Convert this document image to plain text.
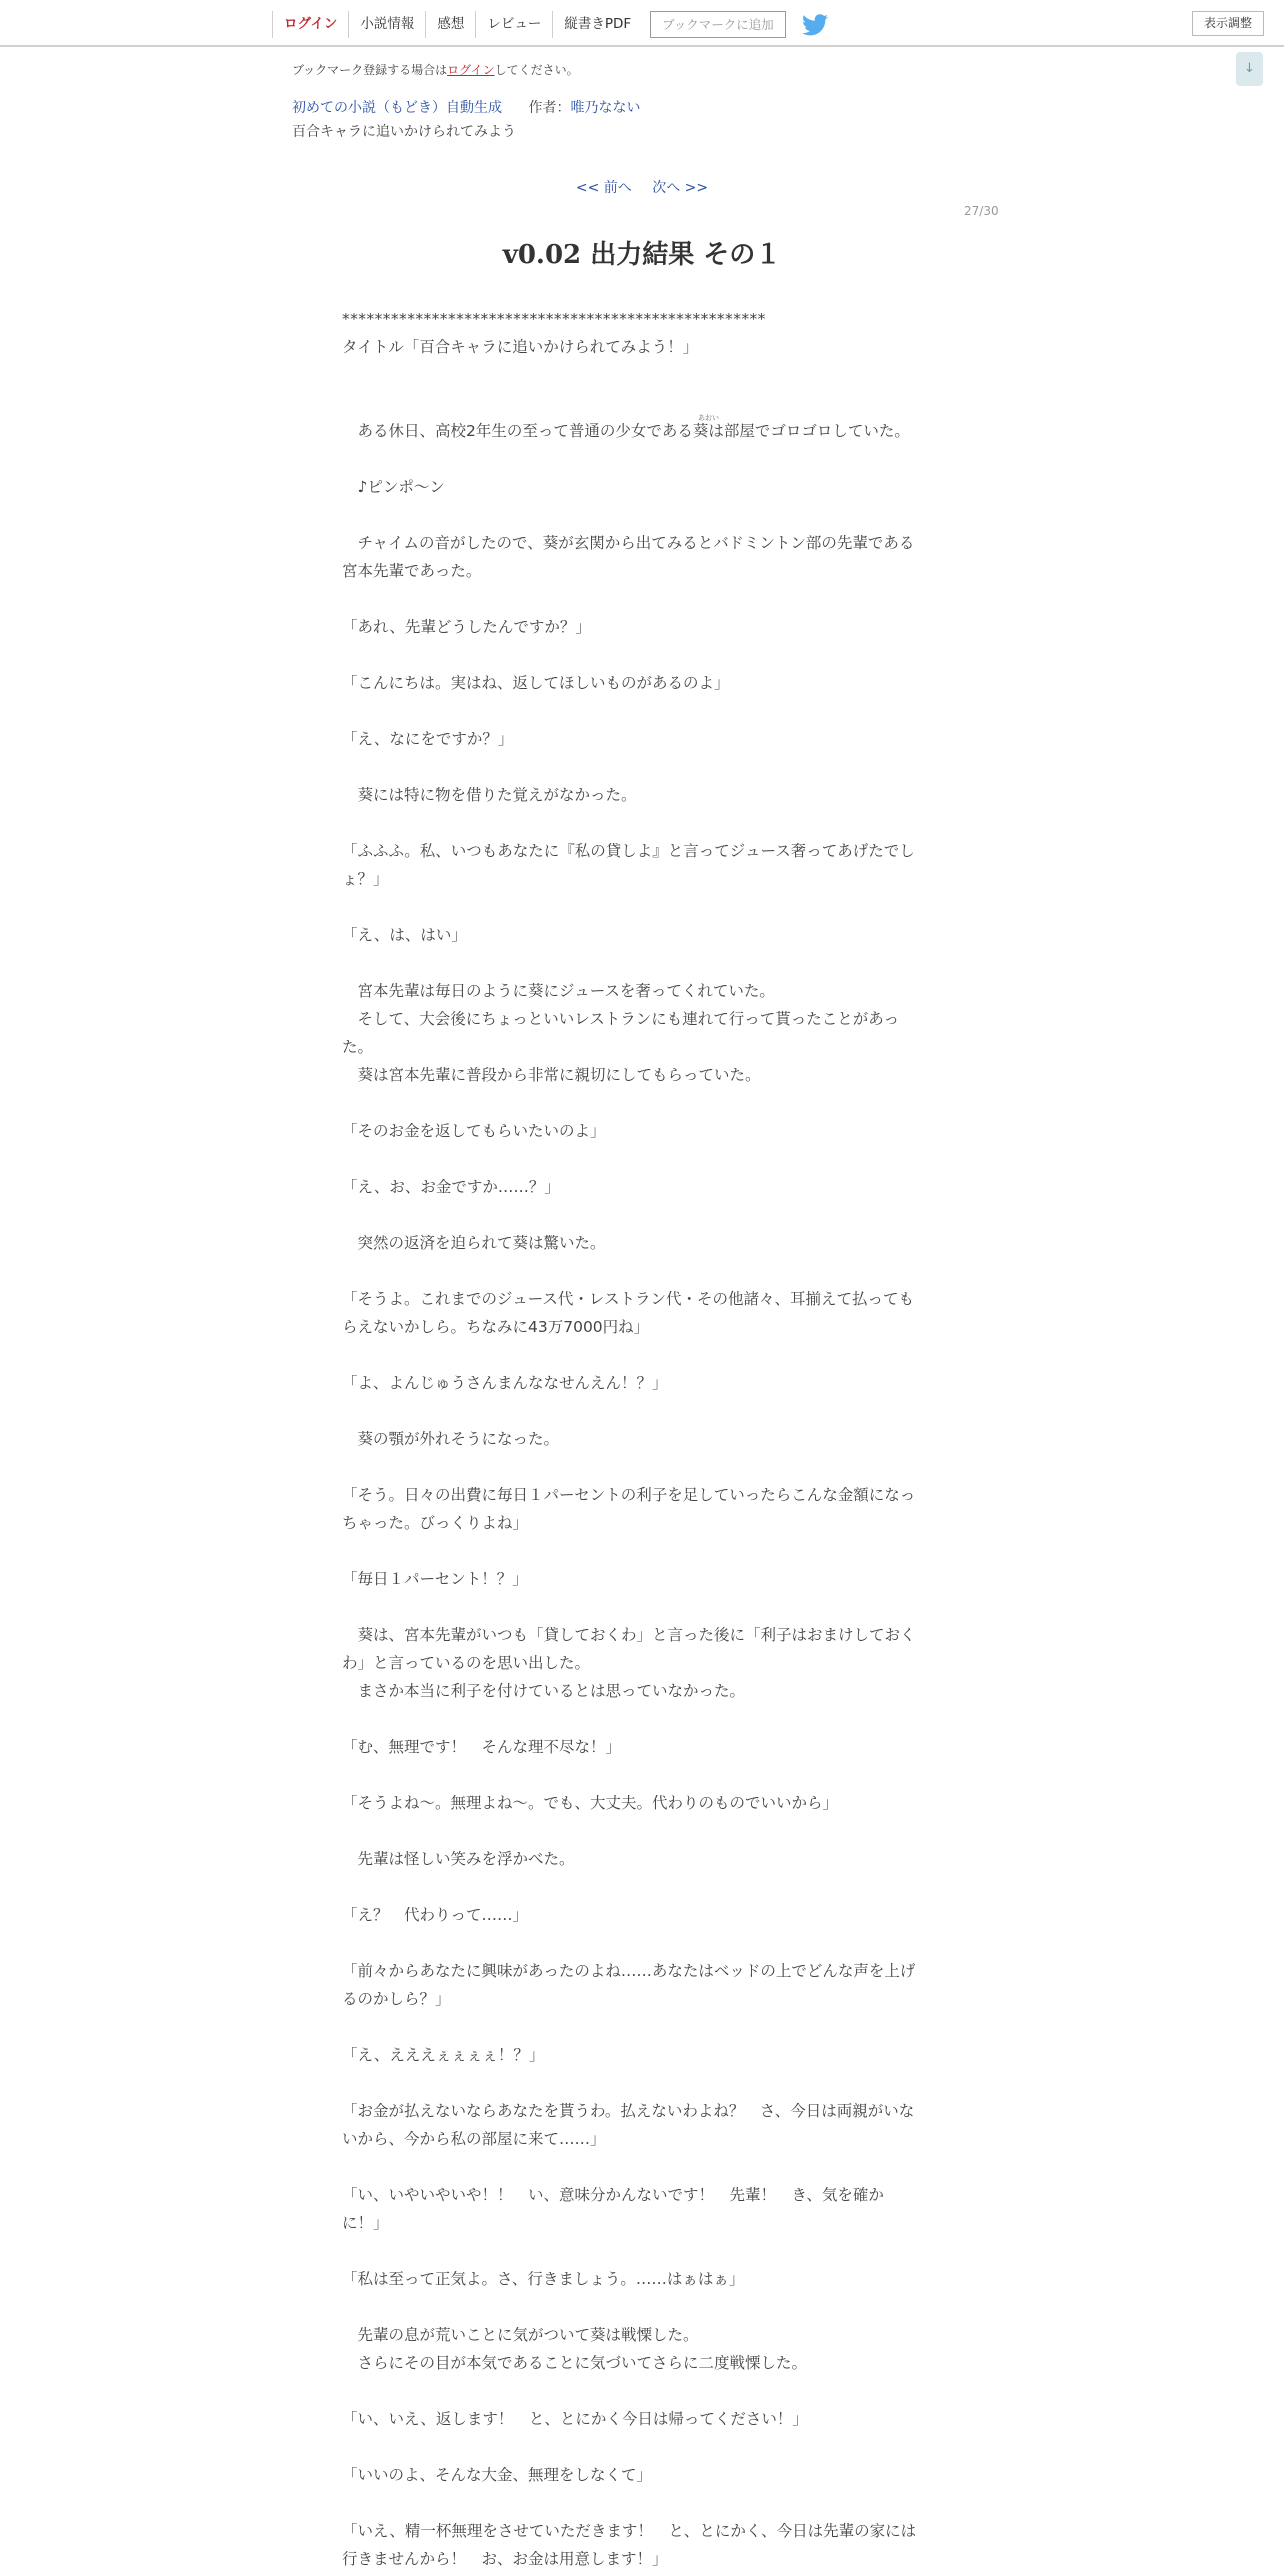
ログイン	小説情報	感想	レビュー	縦書きPDF	ブックマークに追加	表示調整
↓
ブックマーク登録する場合はログインしてください。
初めての小説（もどき）自動生成 作者：唯乃なない
百合キャラに追いかけられてみよう
<< 前へ 次へ >>
27/30
v0.02 出力結果 その１
あおい
****************************************************
タイトル「百合キャラに追いかけられてみよう！」
　ある休日、高校2年生の至って普通の少女である葵は部屋でゴロゴロしていた。
　♪ピンポ～ン
　チャイムの音がしたので、葵が玄関から出てみるとバドミントン部の先輩である
宮本先輩であった。
「あれ、先輩どうしたんですか？」
「こんにちは。実はね、返してほしいものがあるのよ」
「え、なにをですか？」
　葵には特に物を借りた覚えがなかった。
「ふふふ。私、いつもあなたに『私の貸しよ』と言ってジュース奢ってあげたでし
ょ？」
「え、は、はい」
　宮本先輩は毎日のように葵にジュースを奢ってくれていた。
　そして、大会後にちょっといいレストランにも連れて行って貰ったことがあっ
た。
　葵は宮本先輩に普段から非常に親切にしてもらっていた。
「そのお金を返してもらいたいのよ」
「え、お、お金ですか……？」
　突然の返済を迫られて葵は驚いた。
「そうよ。これまでのジュース代・レストラン代・その他諸々、耳揃えて払っても
らえないかしら。ちなみに43万7000円ね」
「よ、よんじゅうさんまんななせんえん！？」
　葵の顎が外れそうになった。
「そう。日々の出費に毎日１パーセントの利子を足していったらこんな金額になっ
ちゃった。びっくりよね」
「毎日１パーセント！？」
　葵は、宮本先輩がいつも「貸しておくわ」と言った後に「利子はおまけしておく
わ」と言っているのを思い出した。
　まさか本当に利子を付けているとは思っていなかった。
「む、無理です！　そんな理不尽な！」
「そうよね～。無理よね～。でも、大丈夫。代わりのものでいいから」
　先輩は怪しい笑みを浮かべた。
「え？　代わりって……」
「前々からあなたに興味があったのよね……あなたはベッドの上でどんな声を上げ
るのかしら？」
「え、えええぇぇぇぇ！？」
「お金が払えないならあなたを貰うわ。払えないわよね？　さ、今日は両親がいな
いから、今から私の部屋に来て……」
「い、いやいやいや！！　い、意味分かんないです！　先輩！　き、気を確か
に！」
「私は至って正気よ。さ、行きましょう。……はぁはぁ」
　先輩の息が荒いことに気がついて葵は戦慄した。
　さらにその目が本気であることに気づいてさらに二度戦慄した。
「い、いえ、返します！　と、とにかく今日は帰ってください！」
「いいのよ、そんな大金、無理をしなくて」
「いえ、精一杯無理をさせていただきます！　と、とにかく、今日は先輩の家には
行きませんから！　お、お金は用意します！」
